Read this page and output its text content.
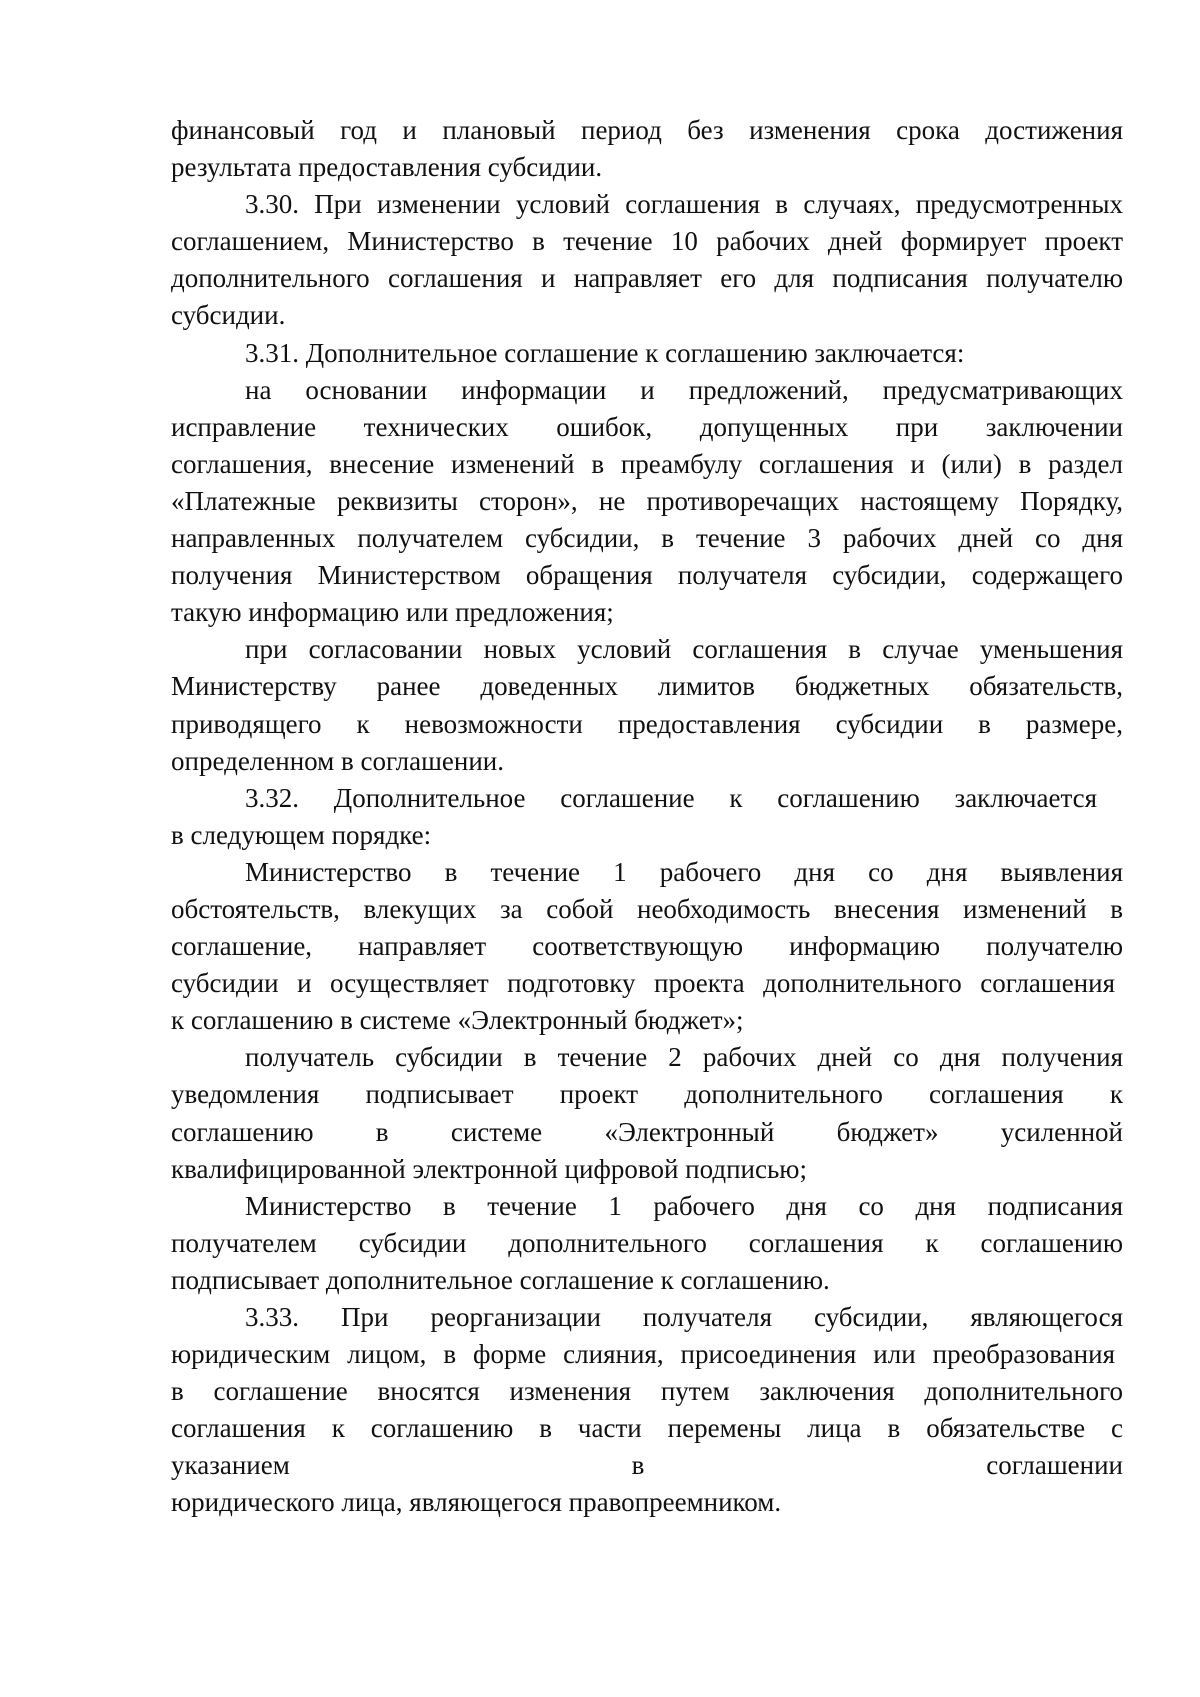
финансовый год и плановый период без изменения срока достижения
результата предоставления субсидии.
3.30. При изменении условий соглашения в случаях, предусмотренных
соглашением, Министерство в течение 10 рабочих дней формирует проект
дополнительного соглашения и направляет его для подписания получателю
субсидии.
3.31. Дополнительное соглашение к соглашению заключается:
на основании информации и предложений, предусматривающих
исправление технических ошибок, допущенных при заключении
соглашения, внесение изменений в преамбулу соглашения и (или) в раздел
«Платежные реквизиты сторон», не противоречащих настоящему Порядку,
направленных получателем субсидии, в течение 3 рабочих дней со дня
получения Министерством обращения получателя субсидии, содержащего
такую информацию или предложения;
при согласовании новых условий соглашения в случае уменьшения
Министерству ранее доведенных лимитов бюджетных обязательств,
приводящего к невозможности предоставления субсидии в размере,
определенном в соглашении.
3.32. Дополнительное соглашение к соглашению заключается
в следующем порядке:
Министерство в течение 1 рабочего дня со дня выявления
обстоятельств, влекущих за собой необходимость внесения изменений в
соглашение, направляет соответствующую информацию получателю
субсидии и осуществляет подготовку проекта дополнительного соглашения
к соглашению в системе «Электронный бюджет»;
получатель субсидии в течение 2 рабочих дней со дня получения
уведомления подписывает проект дополнительного соглашения к
соглашению в системе «Электронный бюджет» усиленной
квалифицированной электронной цифровой подписью;
Министерство в течение 1 рабочего дня со дня подписания
получателем субсидии дополнительного соглашения к соглашению
подписывает дополнительное соглашение к соглашению.
3.33. При реорганизации получателя субсидии, являющегося
юридическим лицом, в форме слияния, присоединения или преобразования
в соглашение вносятся изменения путем заключения дополнительного
соглашения к соглашению в части перемены лица в обязательстве с
указанием в соглашении
юридического лица, являющегося правопреемником.
